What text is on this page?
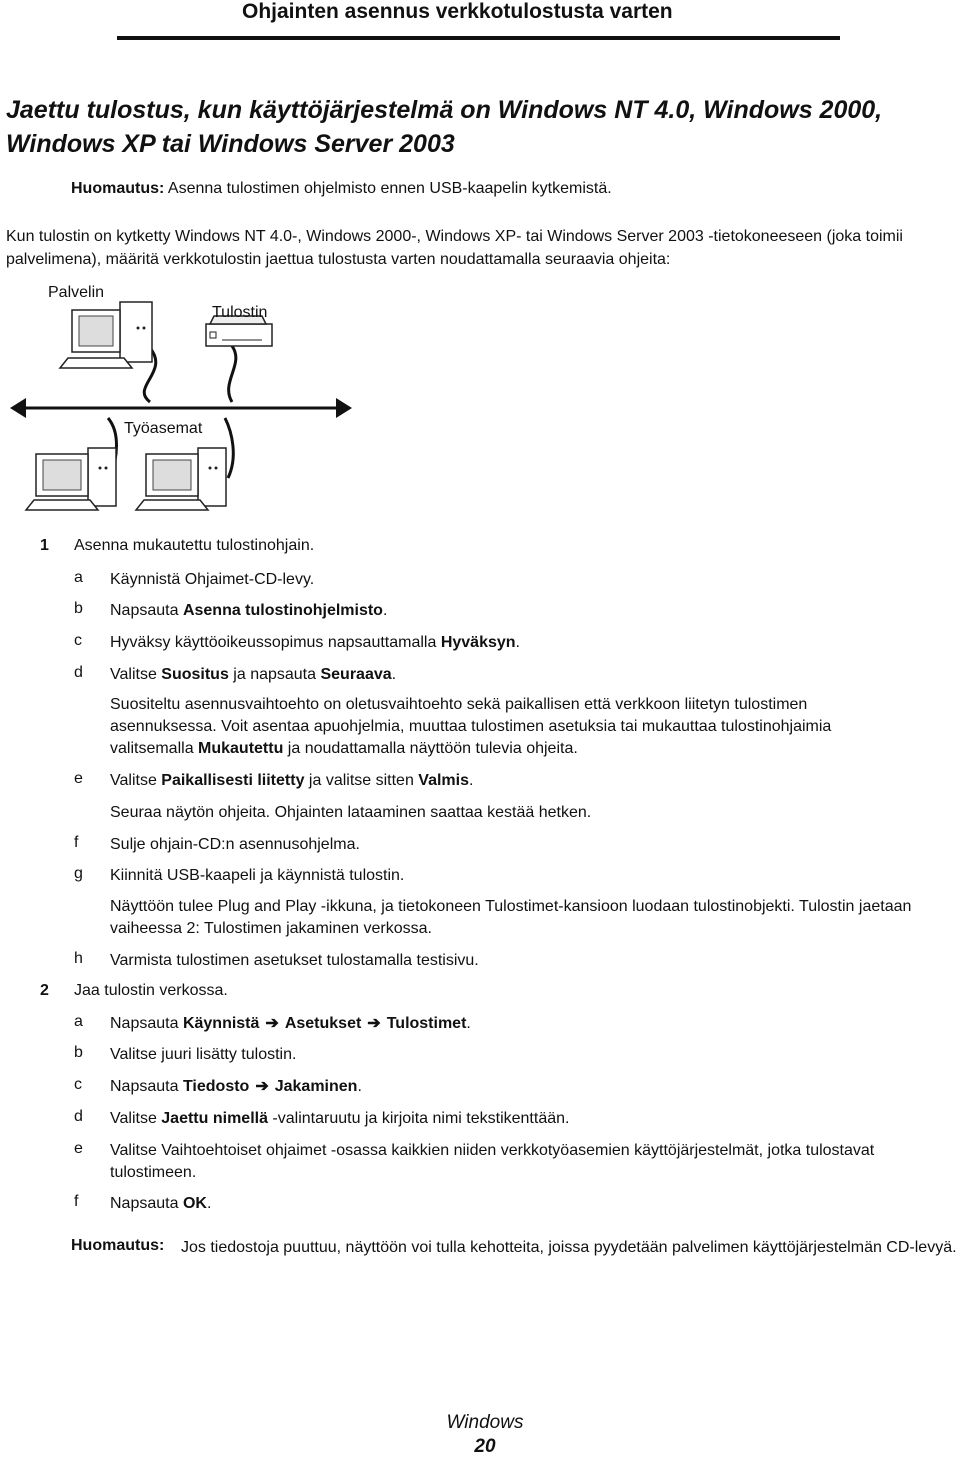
Ohjainten asennus verkkotulostusta varten
Jaettu tulostus, kun käyttöjärjestelmä on Windows NT 4.0, Windows 2000, Windows XP tai Windows Server 2003
Huomautus: Asenna tulostimen ohjelmisto ennen USB-kaapelin kytkemistä.
Kun tulostin on kytketty Windows NT 4.0-, Windows 2000-, Windows XP- tai Windows Server 2003 -tietokoneeseen (joka toimii palvelimena), määritä verkkotulostin jaettua tulostusta varten noudattamalla seuraavia ohjeita:
Palvelin
Tulostin
Työasemat
1 Asenna mukautettu tulostinohjain.
a Käynnistä Ohjaimet-CD-levy.
b Napsauta Asenna tulostinohjelmisto.
c Hyväksy käyttöoikeussopimus napsauttamalla Hyväksyn.
d Valitse Suositus ja napsauta Seuraava.
Suositeltu asennusvaihtoehto on oletusvaihtoehto sekä paikallisen että verkkoon liitetyn tulostimen asennuksessa. Voit asentaa apuohjelmia, muuttaa tulostimen asetuksia tai mukauttaa tulostinohjaimia valitsemalla Mukautettu ja noudattamalla näyttöön tulevia ohjeita.
e Valitse Paikallisesti liitetty ja valitse sitten Valmis.
Seuraa näytön ohjeita. Ohjainten lataaminen saattaa kestää hetken.
f Sulje ohjain-CD:n asennusohjelma.
g Kiinnitä USB-kaapeli ja käynnistä tulostin.
Näyttöön tulee Plug and Play -ikkuna, ja tietokoneen Tulostimet-kansioon luodaan tulostinobjekti. Tulostin jaetaan vaiheessa 2: Tulostimen jakaminen verkossa.
h Varmista tulostimen asetukset tulostamalla testisivu.
2 Jaa tulostin verkossa.
a Napsauta Käynnistä ➔ Asetukset ➔ Tulostimet.
b Valitse juuri lisätty tulostin.
c Napsauta Tiedosto ➔ Jakaminen.
d Valitse Jaettu nimellä -valintaruutu ja kirjoita nimi tekstikenttään.
e Valitse Vaihtoehtoiset ohjaimet -osassa kaikkien niiden verkkotyöasemien käyttöjärjestelmät, jotka tulostavat tulostimeen.
f Napsauta OK.
Huomautus: Jos tiedostoja puuttuu, näyttöön voi tulla kehotteita, joissa pyydetään palvelimen käyttöjärjestelmän CD-levyä.
Windows
20
